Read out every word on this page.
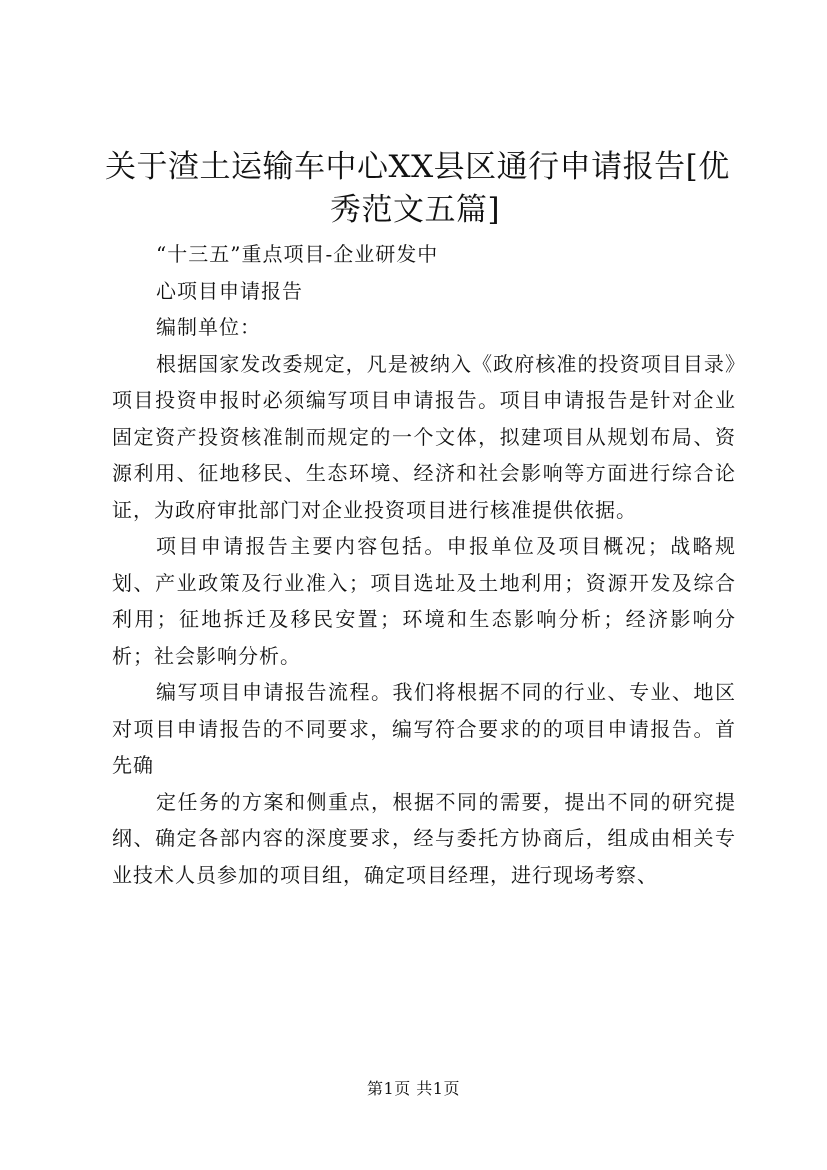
关于渣土运输车中心XX县区通行申请报告[优
秀范文五篇]

“十三五”重点项目-企业研发中

心项目申请报告

编制单位：

根据国家发改委规定，凡是被纳入《政府核准的投资项目目录》项目投资申报时必须编写项目申请报告。项目申请报告是针对企业固定资产投资核准制而规定的一个文体，拟建项目从规划布局、资源利用、征地移民、生态环境、经济和社会影响等方面进行综合论证，为政府审批部门对企业投资项目进行核准提供依据。

项目申请报告主要内容包括。申报单位及项目概况；战略规划、产业政策及行业准入；项目选址及土地利用；资源开发及综合利用；征地拆迁及移民安置；环境和生态影响分析；经济影响分析；社会影响分析。

编写项目申请报告流程。我们将根据不同的行业、专业、地区对项目申请报告的不同要求，编写符合要求的的项目申请报告。首先确

定任务的方案和侧重点，根据不同的需要，提出不同的研究提纲、确定各部内容的深度要求，经与委托方协商后，组成由相关专业技术人员参加的项目组，确定项目经理，进行现场考察、

第1页 共1页
